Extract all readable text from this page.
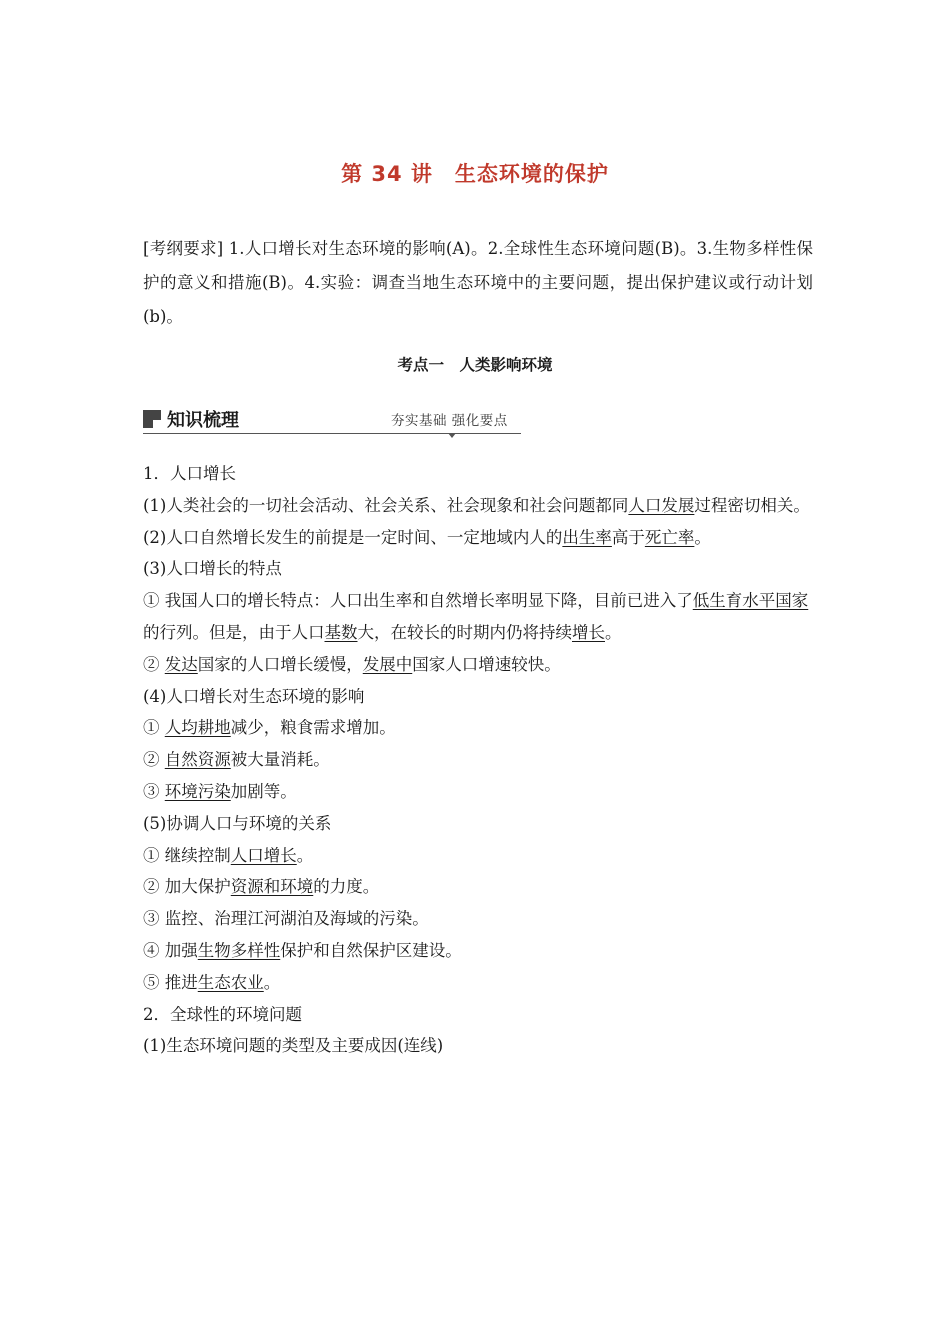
第 34 讲　生态环境的保护
[考纲要求] 1.人口增长对生态环境的影响(A)。2.全球性生态环境问题(B)。3.生物多样性保护的意义和措施(B)。4.实验：调查当地生态环境中的主要问题，提出保护建议或行动计划(b)。
考点一　人类影响环境
知识梳理	夯实基础 强化要点

1．人口增长

(1)人类社会的一切社会活动、社会关系、社会现象和社会问题都同人口发展过程密切相关。

(2)人口自然增长发生的前提是一定时间、一定地域内人的出生率高于死亡率。

(3)人口增长的特点

① 我国人口的增长特点：人口出生率和自然增长率明显下降，目前已进入了低生育水平国家的行列。但是，由于人口基数大，在较长的时期内仍将持续增长。

② 发达国家的人口增长缓慢，发展中国家人口增速较快。

(4)人口增长对生态环境的影响

① 人均耕地减少，粮食需求增加。

② 自然资源被大量消耗。

③ 环境污染加剧等。

(5)协调人口与环境的关系

① 继续控制人口增长。

② 加大保护资源和环境的力度。

③ 监控、治理江河湖泊及海域的污染。

④ 加强生物多样性保护和自然保护区建设。

⑤ 推进生态农业。

2．全球性的环境问题

(1)生态环境问题的类型及主要成因(连线)
